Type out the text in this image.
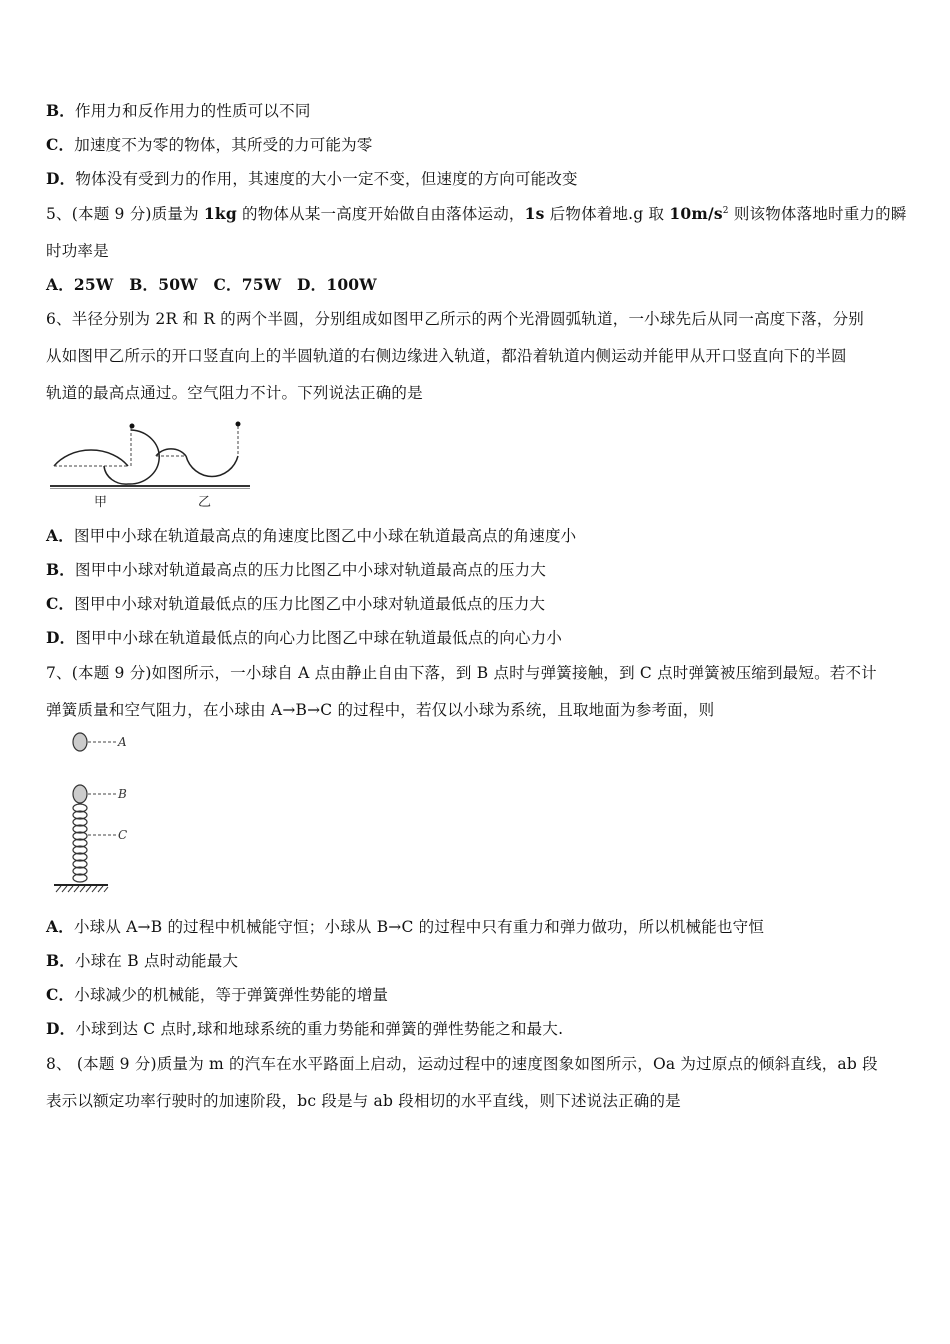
B．作用力和反作用力的性质可以不同
C．加速度不为零的物体，其所受的力可能为零
D．物体没有受到力的作用，其速度的大小一定不变，但速度的方向可能改变
5、(本题 9 分)质量为 1kg 的物体从某一高度开始做自由落体运动，1s 后物体着地.g 取 $10m/s^2$ 则该物体落地时重力的瞬
时功率是
A．25W　B．50W　C．75W　D．100W
6、半径分别为 2R 和 R 的两个半圆，分别组成如图甲乙所示的两个光滑圆弧轨道，一小球先后从同一高度下落，分别
从如图甲乙所示的开口竖直向上的半圆轨道的右侧边缘进入轨道，都沿着轨道内侧运动并能甲从开口竖直向下的半圆
轨道的最高点通过。空气阻力不计。下列说法正确的是
甲	乙
A．图甲中小球在轨道最高点的角速度比图乙中小球在轨道最高点的角速度小
B．图甲中小球对轨道最高点的压力比图乙中小球对轨道最高点的压力大
C．图甲中小球对轨道最低点的压力比图乙中小球对轨道最低点的压力大
D．图甲中小球在轨道最低点的向心力比图乙中球在轨道最低点的向心力小
7、(本题 9 分)如图所示，一小球自 A 点由静止自由下落，到 B 点时与弹簧接触，到 C 点时弹簧被压缩到最短。若不计
弹簧质量和空气阻力，在小球由 A→B→C 的过程中，若仅以小球为系统，且取地面为参考面，则
A
B
C
A．小球从 A→B 的过程中机械能守恒；小球从 B→C 的过程中只有重力和弹力做功，所以机械能也守恒
B．小球在 B 点时动能最大
C．小球减少的机械能，等于弹簧弹性势能的增量
D．小球到达 C 点时,球和地球系统的重力势能和弹簧的弹性势能之和最大.
8、 (本题 9 分)质量为 m 的汽车在水平路面上启动，运动过程中的速度图象如图所示，Oa 为过原点的倾斜直线，ab 段
表示以额定功率行驶时的加速阶段，bc 段是与 ab 段相切的水平直线，则下述说法正确的是
